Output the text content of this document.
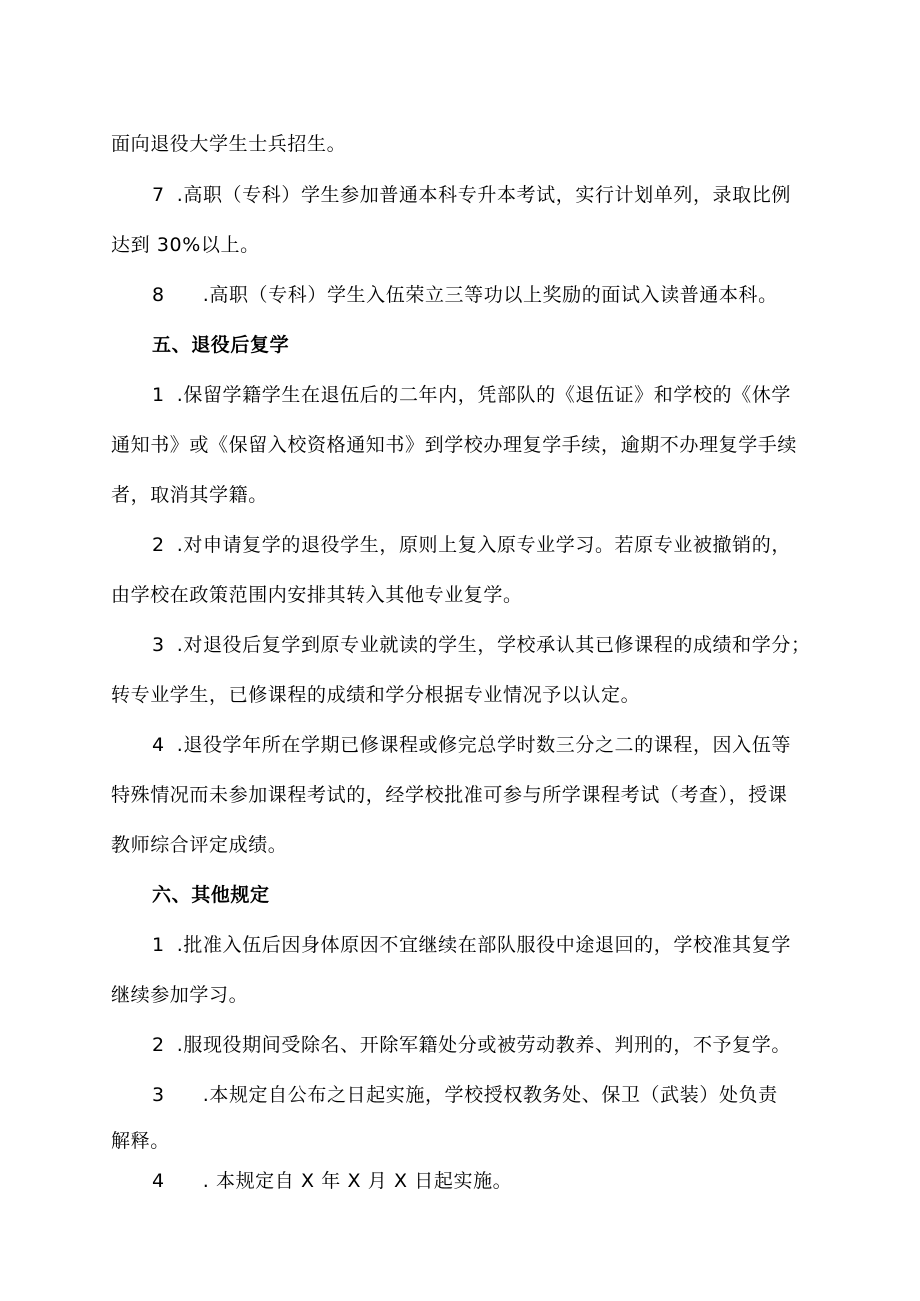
面向退役大学生士兵招生。
7 .高职（专科）学生参加普通本科专升本考试，实行计划单列，录取比例
达到 30%以上。
8 .高职（专科）学生入伍荣立三等功以上奖励的面试入读普通本科。
五、退役后复学
1 .保留学籍学生在退伍后的二年内，凭部队的《退伍证》和学校的《休学
通知书》或《保留入校资格通知书》到学校办理复学手续，逾期不办理复学手续
者，取消其学籍。
2 .对申请复学的退役学生，原则上复入原专业学习。若原专业被撤销的，
由学校在政策范围内安排其转入其他专业复学。
3 .对退役后复学到原专业就读的学生，学校承认其已修课程的成绩和学分；
转专业学生，已修课程的成绩和学分根据专业情况予以认定。
4 .退役学年所在学期已修课程或修完总学时数三分之二的课程，因入伍等
特殊情况而未参加课程考试的，经学校批准可参与所学课程考试（考查），授课
教师综合评定成绩。
六、其他规定
1 .批准入伍后因身体原因不宜继续在部队服役中途退回的，学校准其复学
继续参加学习。
2 .服现役期间受除名、开除军籍处分或被劳动教养、判刑的，不予复学。
3 .本规定自公布之日起实施，学校授权教务处、保卫（武装）处负责
解释。
4 . 本规定自 X 年 X 月 X 日起实施。
